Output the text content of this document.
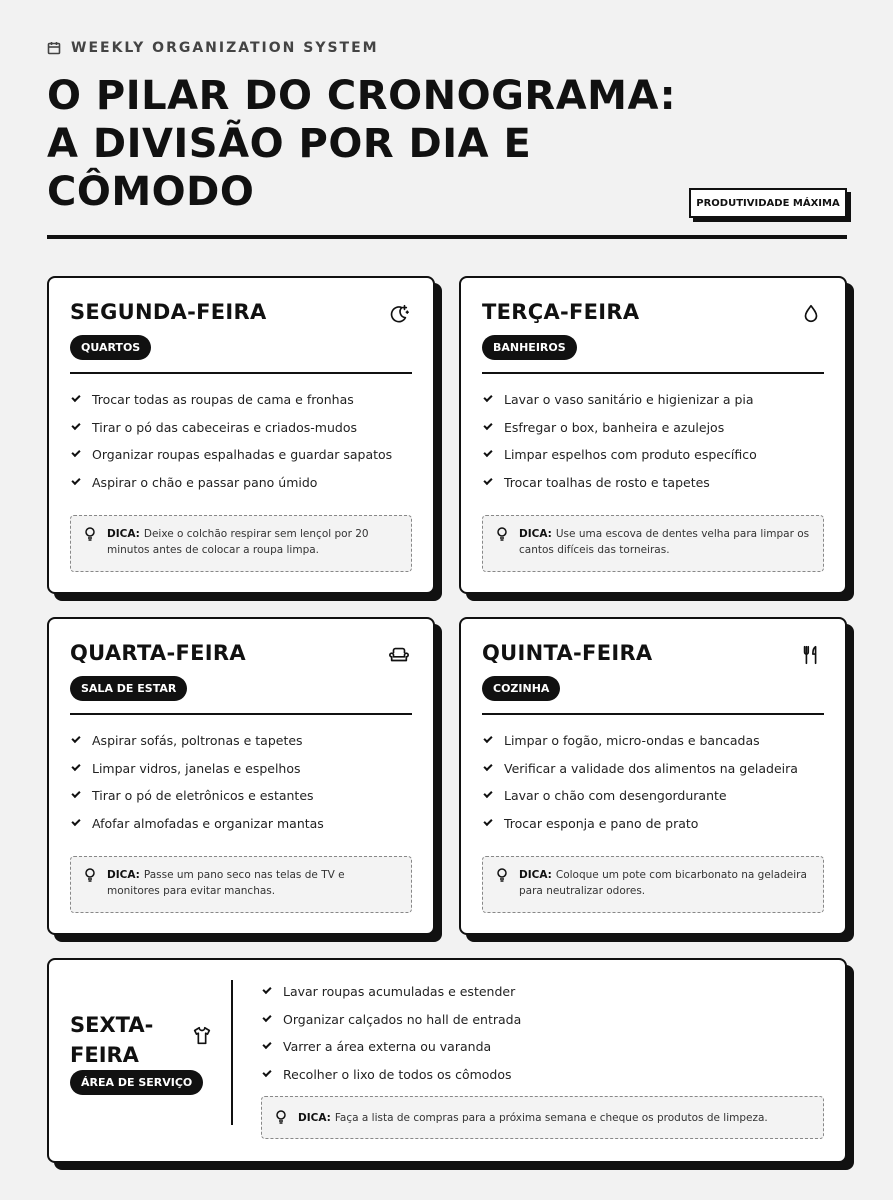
WEEKLY ORGANIZATION SYSTEM
O PILAR DO CRONOGRAMA:
A DIVISÃO POR DIA E
CÔMODO	PRODUTIVIDADE MÁXIMA
SEGUNDA-FEIRA
QUARTOS
Trocar todas as roupas de cama e fronhas
Tirar o pó das cabeceiras e criados-mudos
Organizar roupas espalhadas e guardar sapatos
Aspirar o chão e passar pano úmido
DICA: Deixe o colchão respirar sem lençol por 20 minutos antes de colocar a roupa limpa.
TERÇA-FEIRA
BANHEIROS
Lavar o vaso sanitário e higienizar a pia
Esfregar o box, banheira e azulejos
Limpar espelhos com produto específico
Trocar toalhas de rosto e tapetes
DICA: Use uma escova de dentes velha para limpar os cantos difíceis das torneiras.
QUARTA-FEIRA
SALA DE ESTAR
Aspirar sofás, poltronas e tapetes
Limpar vidros, janelas e espelhos
Tirar o pó de eletrônicos e estantes
Afofar almofadas e organizar mantas
DICA: Passe um pano seco nas telas de TV e monitores para evitar manchas.
QUINTA-FEIRA
COZINHA
Limpar o fogão, micro-ondas e bancadas
Verificar a validade dos alimentos na geladeira
Lavar o chão com desengordurante
Trocar esponja e pano de prato
DICA: Coloque um pote com bicarbonato na geladeira para neutralizar odores.
SEXTA-
FEIRA
ÁREA DE SERVIÇO
Lavar roupas acumuladas e estender
Organizar calçados no hall de entrada
Varrer a área externa ou varanda
Recolher o lixo de todos os cômodos
DICA: Faça a lista de compras para a próxima semana e cheque os produtos de limpeza.
